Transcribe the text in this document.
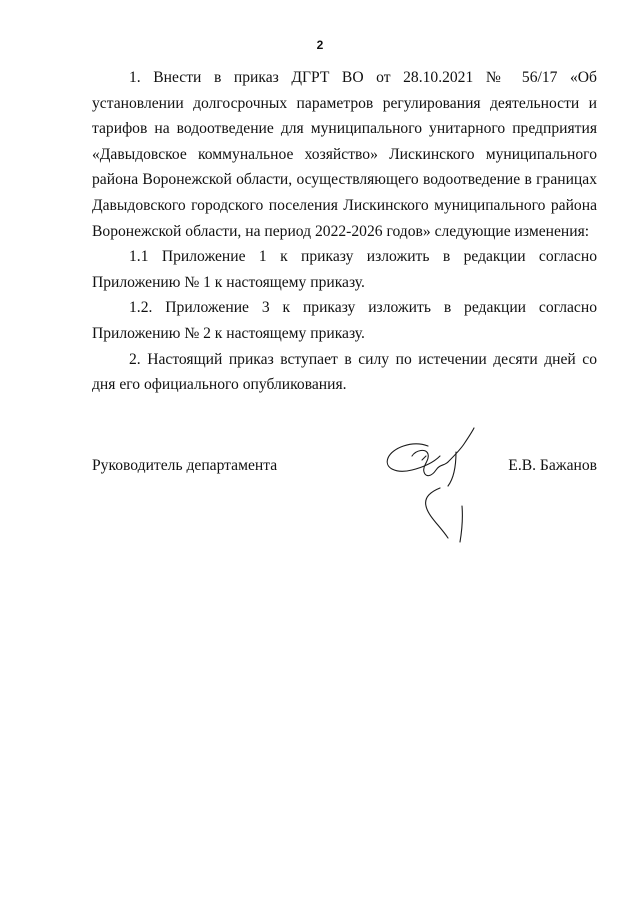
2

1. Внести в приказ ДГРТ ВО от 28.10.2021 № 56/17 «Об установлении долгосрочных параметров регулирования деятельности и тарифов на водоотведение для муниципального унитарного предприятия «Давыдовское коммунальное хозяйство» Лискинского муниципального района Воронежской области, осуществляющего водоотведение в границах Давыдовского городского поселения Лискинского муниципального района Воронежской области, на период 2022-2026 годов» следующие изменения:

1.1 Приложение 1 к приказу изложить в редакции согласно Приложению № 1 к настоящему приказу.

1.2. Приложение 3 к приказу изложить в редакции согласно Приложению № 2 к настоящему приказу.

2. Настоящий приказ вступает в силу по истечении десяти дней со дня его официального опубликования.

Руководитель департамента	Е.В. Бажанов
